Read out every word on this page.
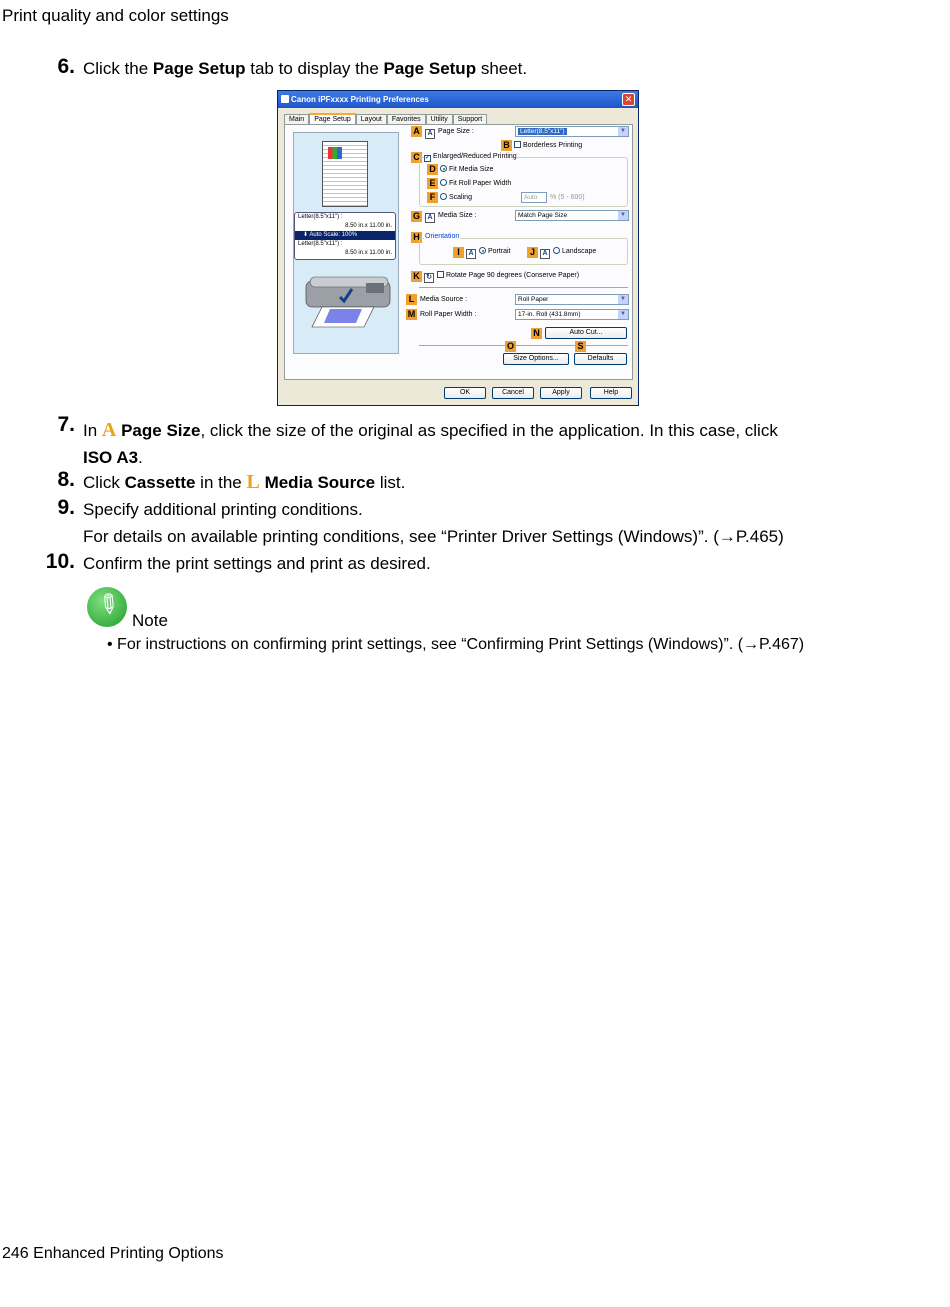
Print quality and color settings
6. Click the Page Setup tab to display the Page Setup sheet.
Canon iPFxxxx Printing Preferences	✕
Main	Page Setup	Layout	Favorites	Utility	Support
Letter(8.5"x11") :
8.50 in.x 11.00 in.
⬇ Auto Scale: 100%
Letter(8.5"x11") :
8.50 in.x 11.00 in.
A	A Page Size :	Letter(8.5"x11")	▼
B	Borderless Printing
C ✓ Enlarged/Reduced Printing
D	Fit Media Size
E	Fit Roll Paper Width
F	Scaling	Auto	% (5 - 600)
G	A Media Size :	Match Page Size	▼
H Orientation
I	A Portrait	J	A Landscape
K ↻ Rotate Page 90 degrees (Conserve Paper)
L Media Source :	Roll Paper	▼
M Roll Paper Width :	17-in. Roll (431.8mm)	▼
N	Auto Cut...
O	S
Size Options...	Defaults
OK	Cancel	Apply	Help
7. In A Page Size, click the size of the original as specified in the application. In this case, click
ISO A3.
8. Click Cassette in the L Media Source list.
9. Specify additional printing conditions.
For details on available printing conditions, see “Printer Driver Settings (Windows)”. (→P.465)
10. Confirm the print settings and print as desired.
✎ Note
• For instructions on confirming print settings, see “Confirming Print Settings (Windows)”. (→P.467)
246 Enhanced Printing Options
